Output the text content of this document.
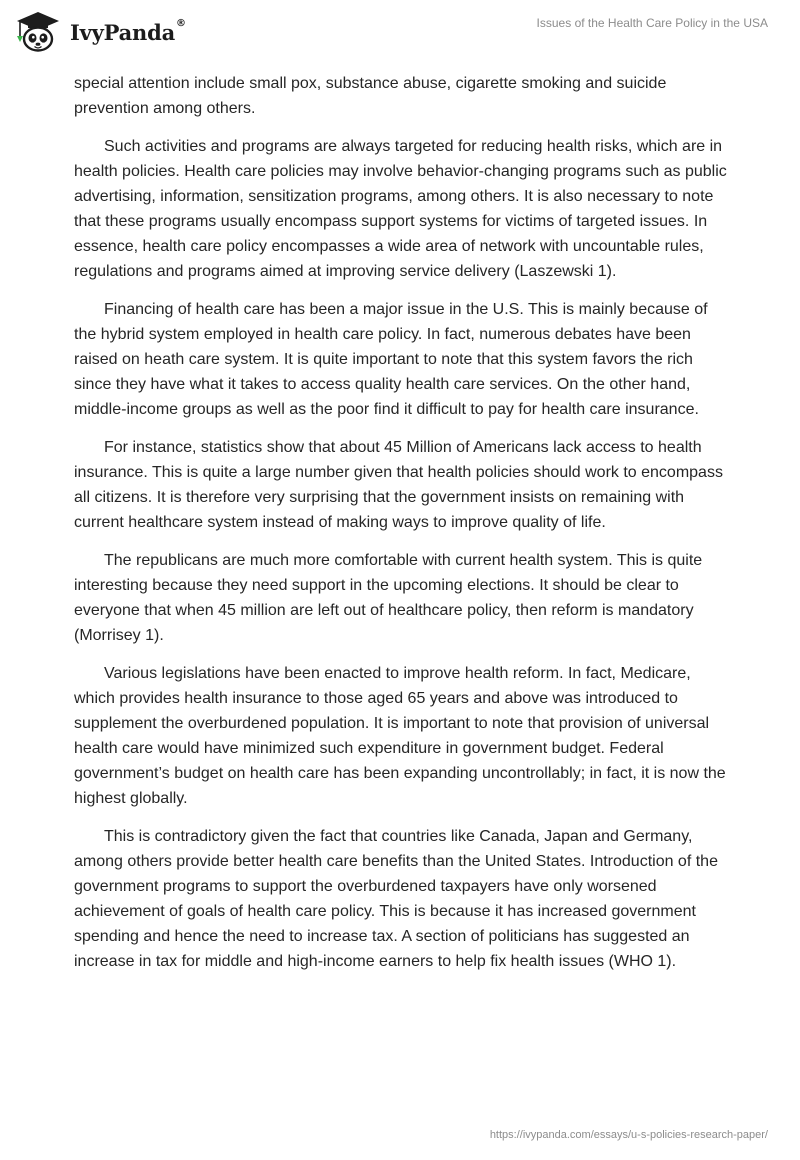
IvyPanda®	Issues of the Health Care Policy in the USA

special attention include small pox, substance abuse, cigarette smoking and suicide prevention among others.

Such activities and programs are always targeted for reducing health risks, which are in health policies. Health care policies may involve behavior-changing programs such as public advertising, information, sensitization programs, among others. It is also necessary to note that these programs usually encompass support systems for victims of targeted issues. In essence, health care policy encompasses a wide area of network with uncountable rules, regulations and programs aimed at improving service delivery (Laszewski 1).

Financing of health care has been a major issue in the U.S. This is mainly because of the hybrid system employed in health care policy. In fact, numerous debates have been raised on heath care system. It is quite important to note that this system favors the rich since they have what it takes to access quality health care services. On the other hand, middle-income groups as well as the poor find it difficult to pay for health care insurance.

For instance, statistics show that about 45 Million of Americans lack access to health insurance. This is quite a large number given that health policies should work to encompass all citizens. It is therefore very surprising that the government insists on remaining with current healthcare system instead of making ways to improve quality of life.

The republicans are much more comfortable with current health system. This is quite interesting because they need support in the upcoming elections. It should be clear to everyone that when 45 million are left out of healthcare policy, then reform is mandatory (Morrisey 1).

Various legislations have been enacted to improve health reform. In fact, Medicare, which provides health insurance to those aged 65 years and above was introduced to supplement the overburdened population. It is important to note that provision of universal health care would have minimized such expenditure in government budget. Federal government’s budget on health care has been expanding uncontrollably; in fact, it is now the highest globally.

This is contradictory given the fact that countries like Canada, Japan and Germany, among others provide better health care benefits than the United States. Introduction of the government programs to support the overburdened taxpayers have only worsened achievement of goals of health care policy. This is because it has increased government spending and hence the need to increase tax. A section of politicians has suggested an increase in tax for middle and high-income earners to help fix health issues (WHO 1).

https://ivypanda.com/essays/u-s-policies-research-paper/
